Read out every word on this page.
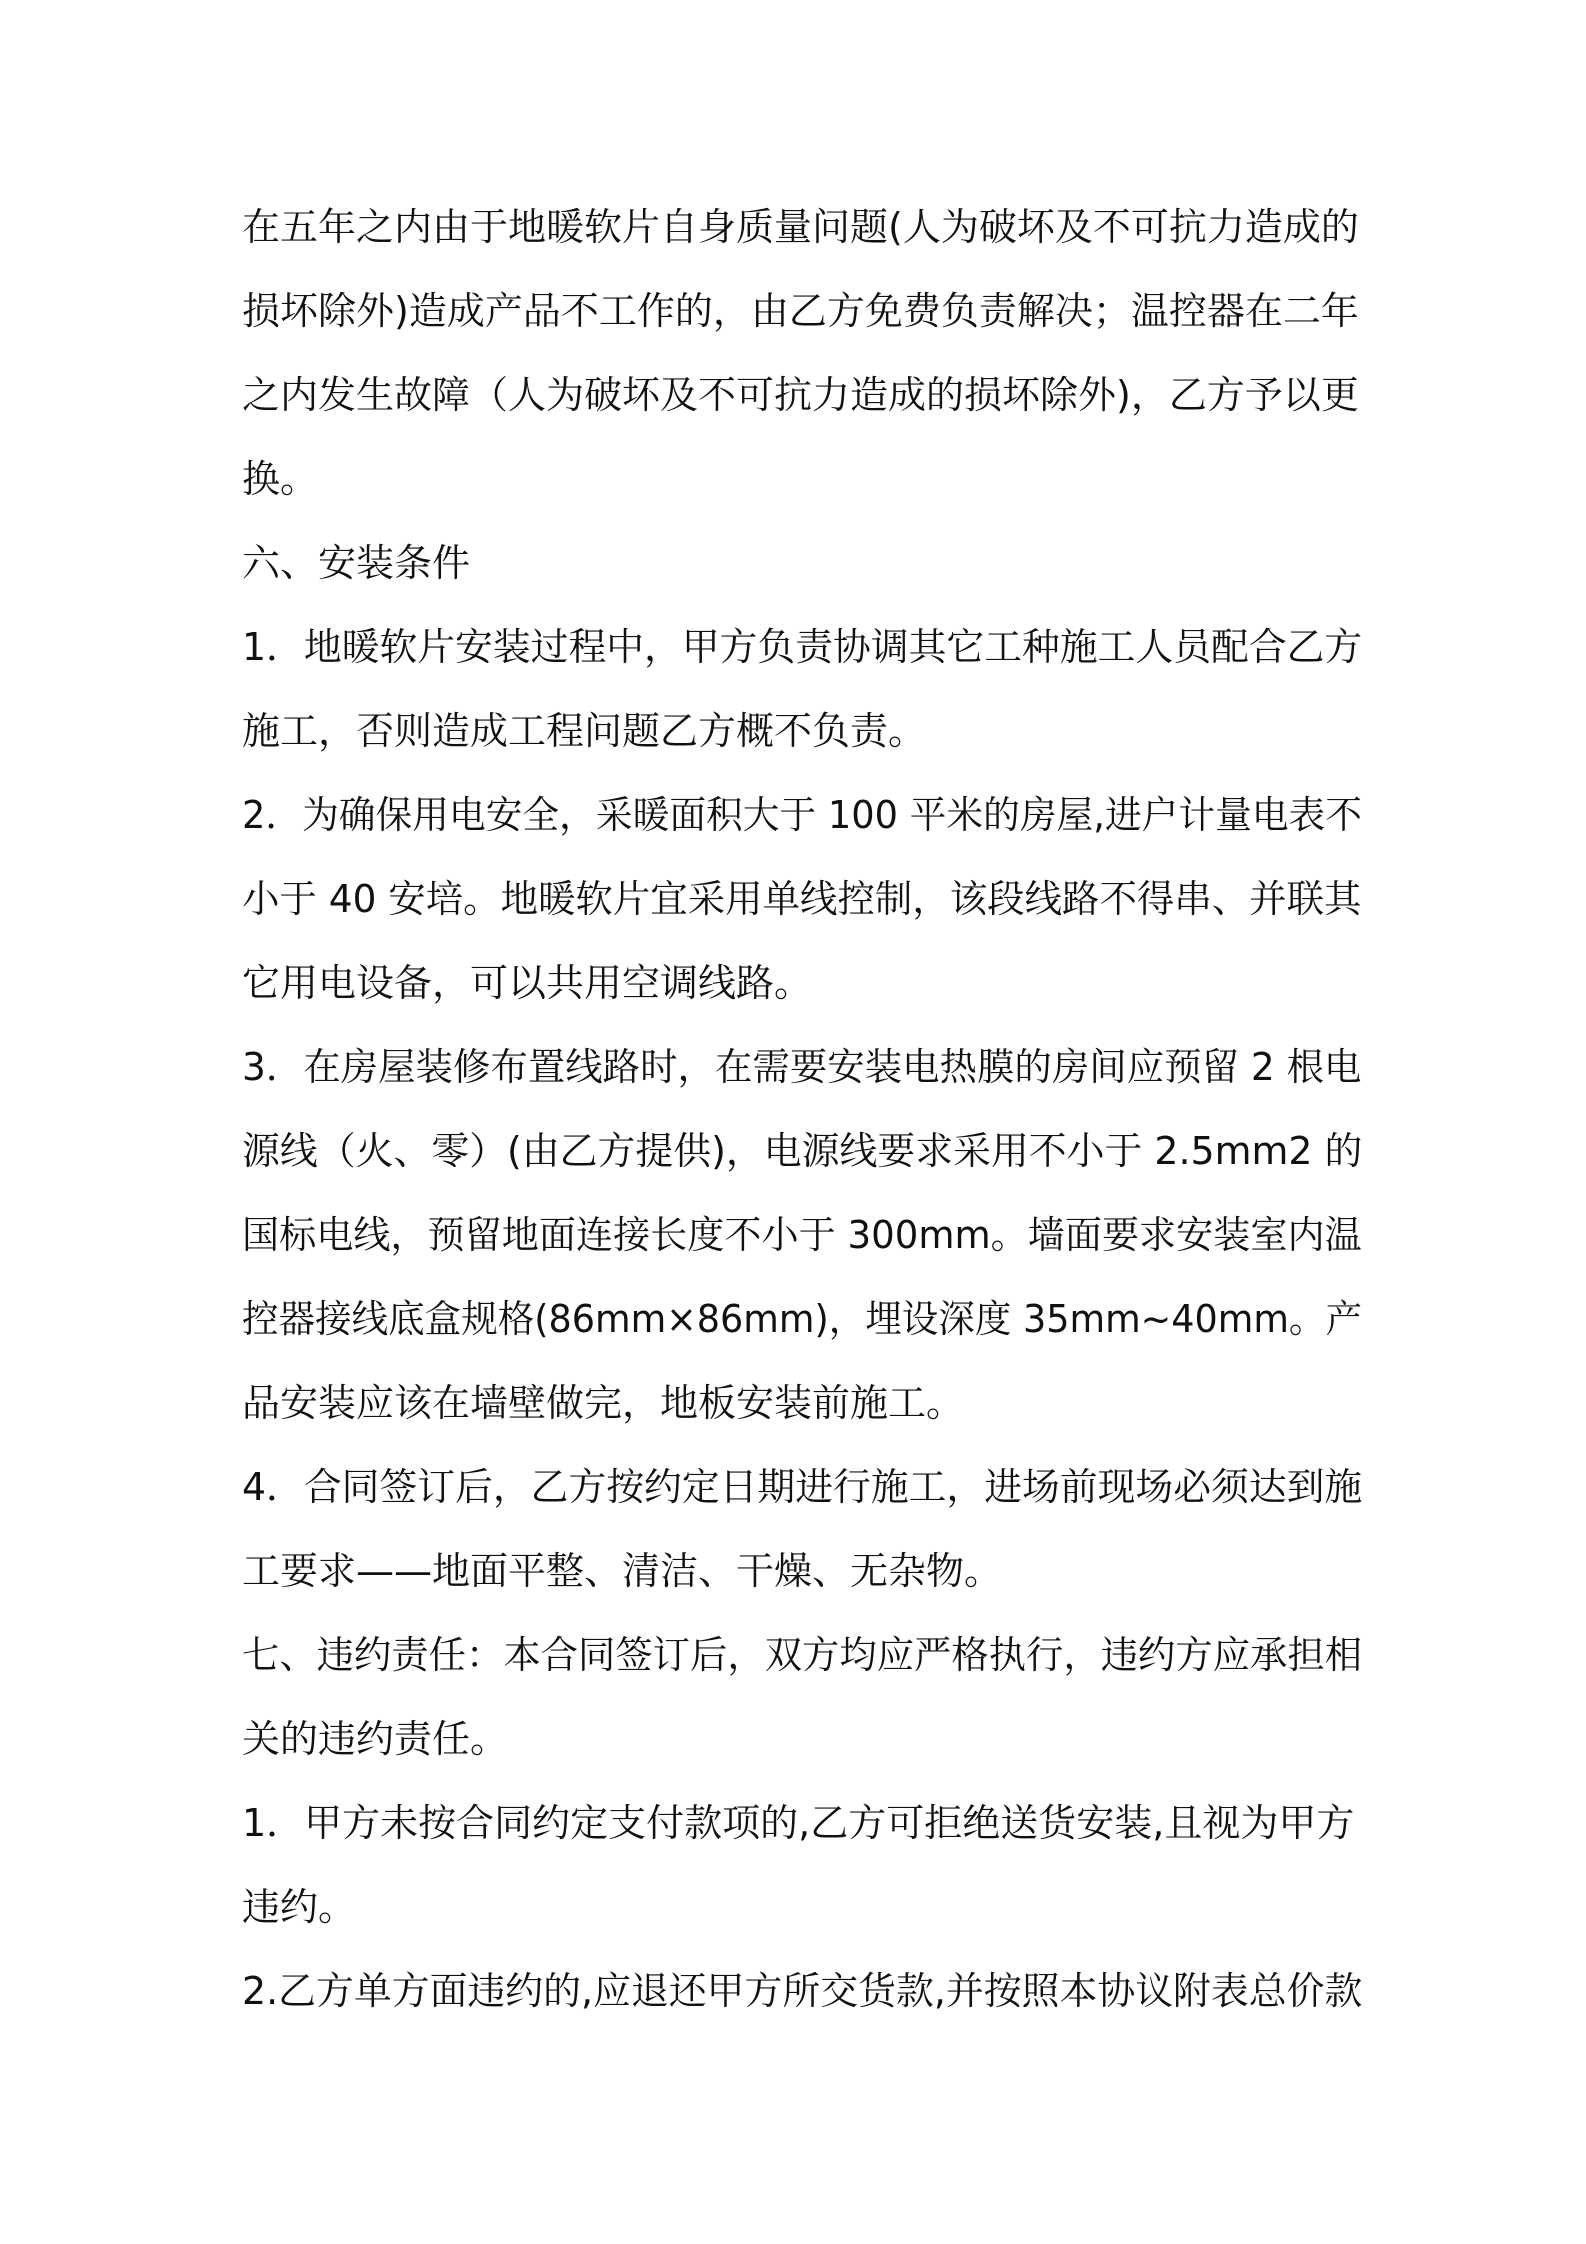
在五年之内由于地暖软片自身质量问题(人为破坏及不可抗力造成的
损坏除外)造成产品不工作的，由乙方免费负责解决；温控器在二年
之内发生故障（人为破坏及不可抗力造成的损坏除外)，乙方予以更
换。
六、安装条件
1．地暖软片安装过程中，甲方负责协调其它工种施工人员配合乙方
施工，否则造成工程问题乙方概不负责。
2．为确保用电安全，采暖面积大于 100 平米的房屋,进户计量电表不
小于 40 安培。地暖软片宜采用单线控制，该段线路不得串、并联其
它用电设备，可以共用空调线路。
3．在房屋装修布置线路时，在需要安装电热膜的房间应预留 2 根电
源线（火、零）(由乙方提供)，电源线要求采用不小于 2.5mm2 的
国标电线，预留地面连接长度不小于 300mm。墙面要求安装室内温
控器接线底盒规格(86mm×86mm)，埋设深度 35mm~40mm。产
品安装应该在墙壁做完，地板安装前施工。
4．合同签订后，乙方按约定日期进行施工，进场前现场必须达到施
工要求——地面平整、清洁、干燥、无杂物。
七、违约责任：本合同签订后，双方均应严格执行，违约方应承担相
关的违约责任。
1．甲方未按合同约定支付款项的,乙方可拒绝送货安装,且视为甲方
违约。
2.乙方单方面违约的,应退还甲方所交货款,并按照本协议附表总价款
